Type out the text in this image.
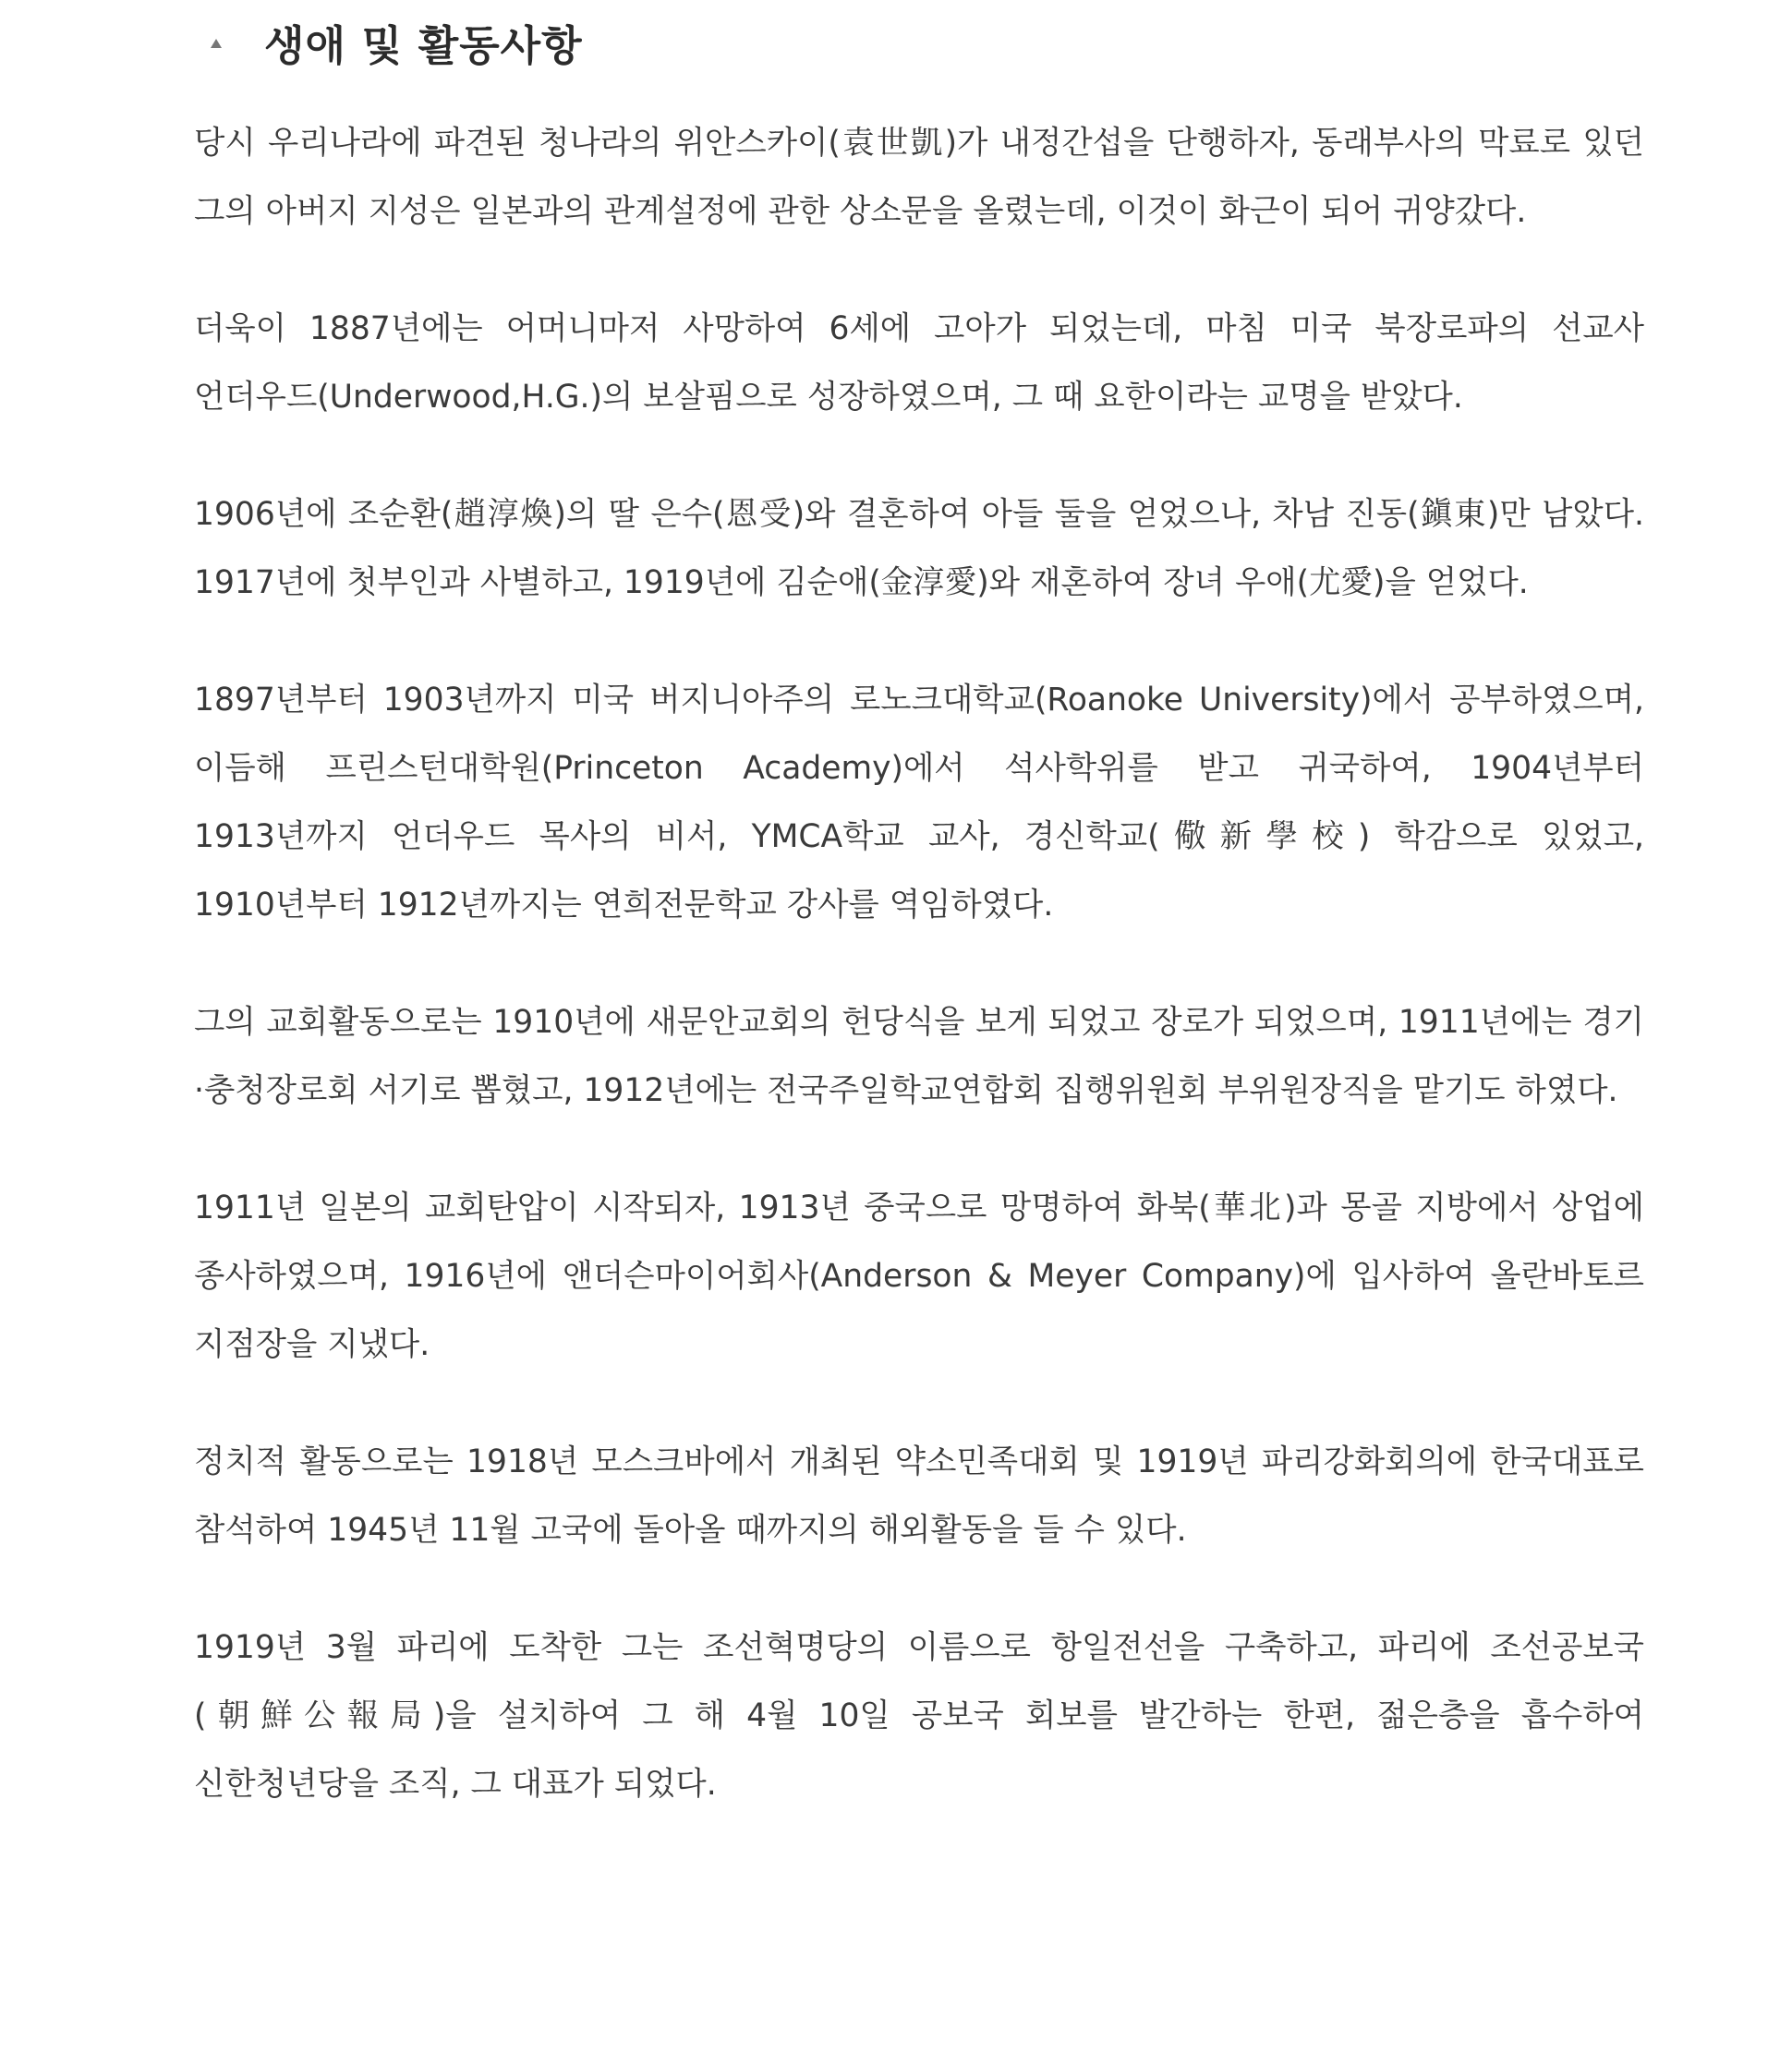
생애 및 활동사항

당시 우리나라에 파견된 청나라의 위안스카이(袁世凱)가 내정간섭을 단행하자, 동래부사의 막료로 있던 그의 아버지 지성은 일본과의 관계설정에 관한 상소문을 올렸는데, 이것이 화근이 되어 귀양갔다.

더욱이 1887년에는 어머니마저 사망하여 6세에 고아가 되었는데, 마침 미국 북장로파의 선교사 언더우드(Underwood,H.G.)의 보살핌으로 성장하였으며, 그 때 요한이라는 교명을 받았다.

1906년에 조순환(趙淳煥)의 딸 은수(恩受)와 결혼하여 아들 둘을 얻었으나, 차남 진동(鎭東)만 남았다. 1917년에 첫부인과 사별하고, 1919년에 김순애(金淳愛)와 재혼하여 장녀 우애(尤愛)을 얻었다.

1897년부터 1903년까지 미국 버지니아주의 로노크대학교(Roanoke University)에서 공부하였으며, 이듬해 프린스턴대학원(Princeton Academy)에서 석사학위를 받고 귀국하여, 1904년부터 1913년까지 언더우드 목사의 비서, YMCA학교 교사, 경신학교(儆新學校) 학감으로 있었고, 1910년부터 1912년까지는 연희전문학교 강사를 역임하였다.

그의 교회활동으로는 1910년에 새문안교회의 헌당식을 보게 되었고 장로가 되었으며, 1911년에는 경기·충청장로회 서기로 뽑혔고, 1912년에는 전국주일학교연합회 집행위원회 부위원장직을 맡기도 하였다.

1911년 일본의 교회탄압이 시작되자, 1913년 중국으로 망명하여 화북(華北)과 몽골 지방에서 상업에 종사하였으며, 1916년에 앤더슨마이어회사(Anderson & Meyer Company)에 입사하여 올란바토르 지점장을 지냈다.

정치적 활동으로는 1918년 모스크바에서 개최된 약소민족대회 및 1919년 파리강화회의에 한국대표로 참석하여 1945년 11월 고국에 돌아올 때까지의 해외활동을 들 수 있다.

1919년 3월 파리에 도착한 그는 조선혁명당의 이름으로 항일전선을 구축하고, 파리에 조선공보국(朝鮮公報局)을 설치하여 그 해 4월 10일 공보국 회보를 발간하는 한편, 젊은층을 흡수하여 신한청년당을 조직, 그 대표가 되었다.
